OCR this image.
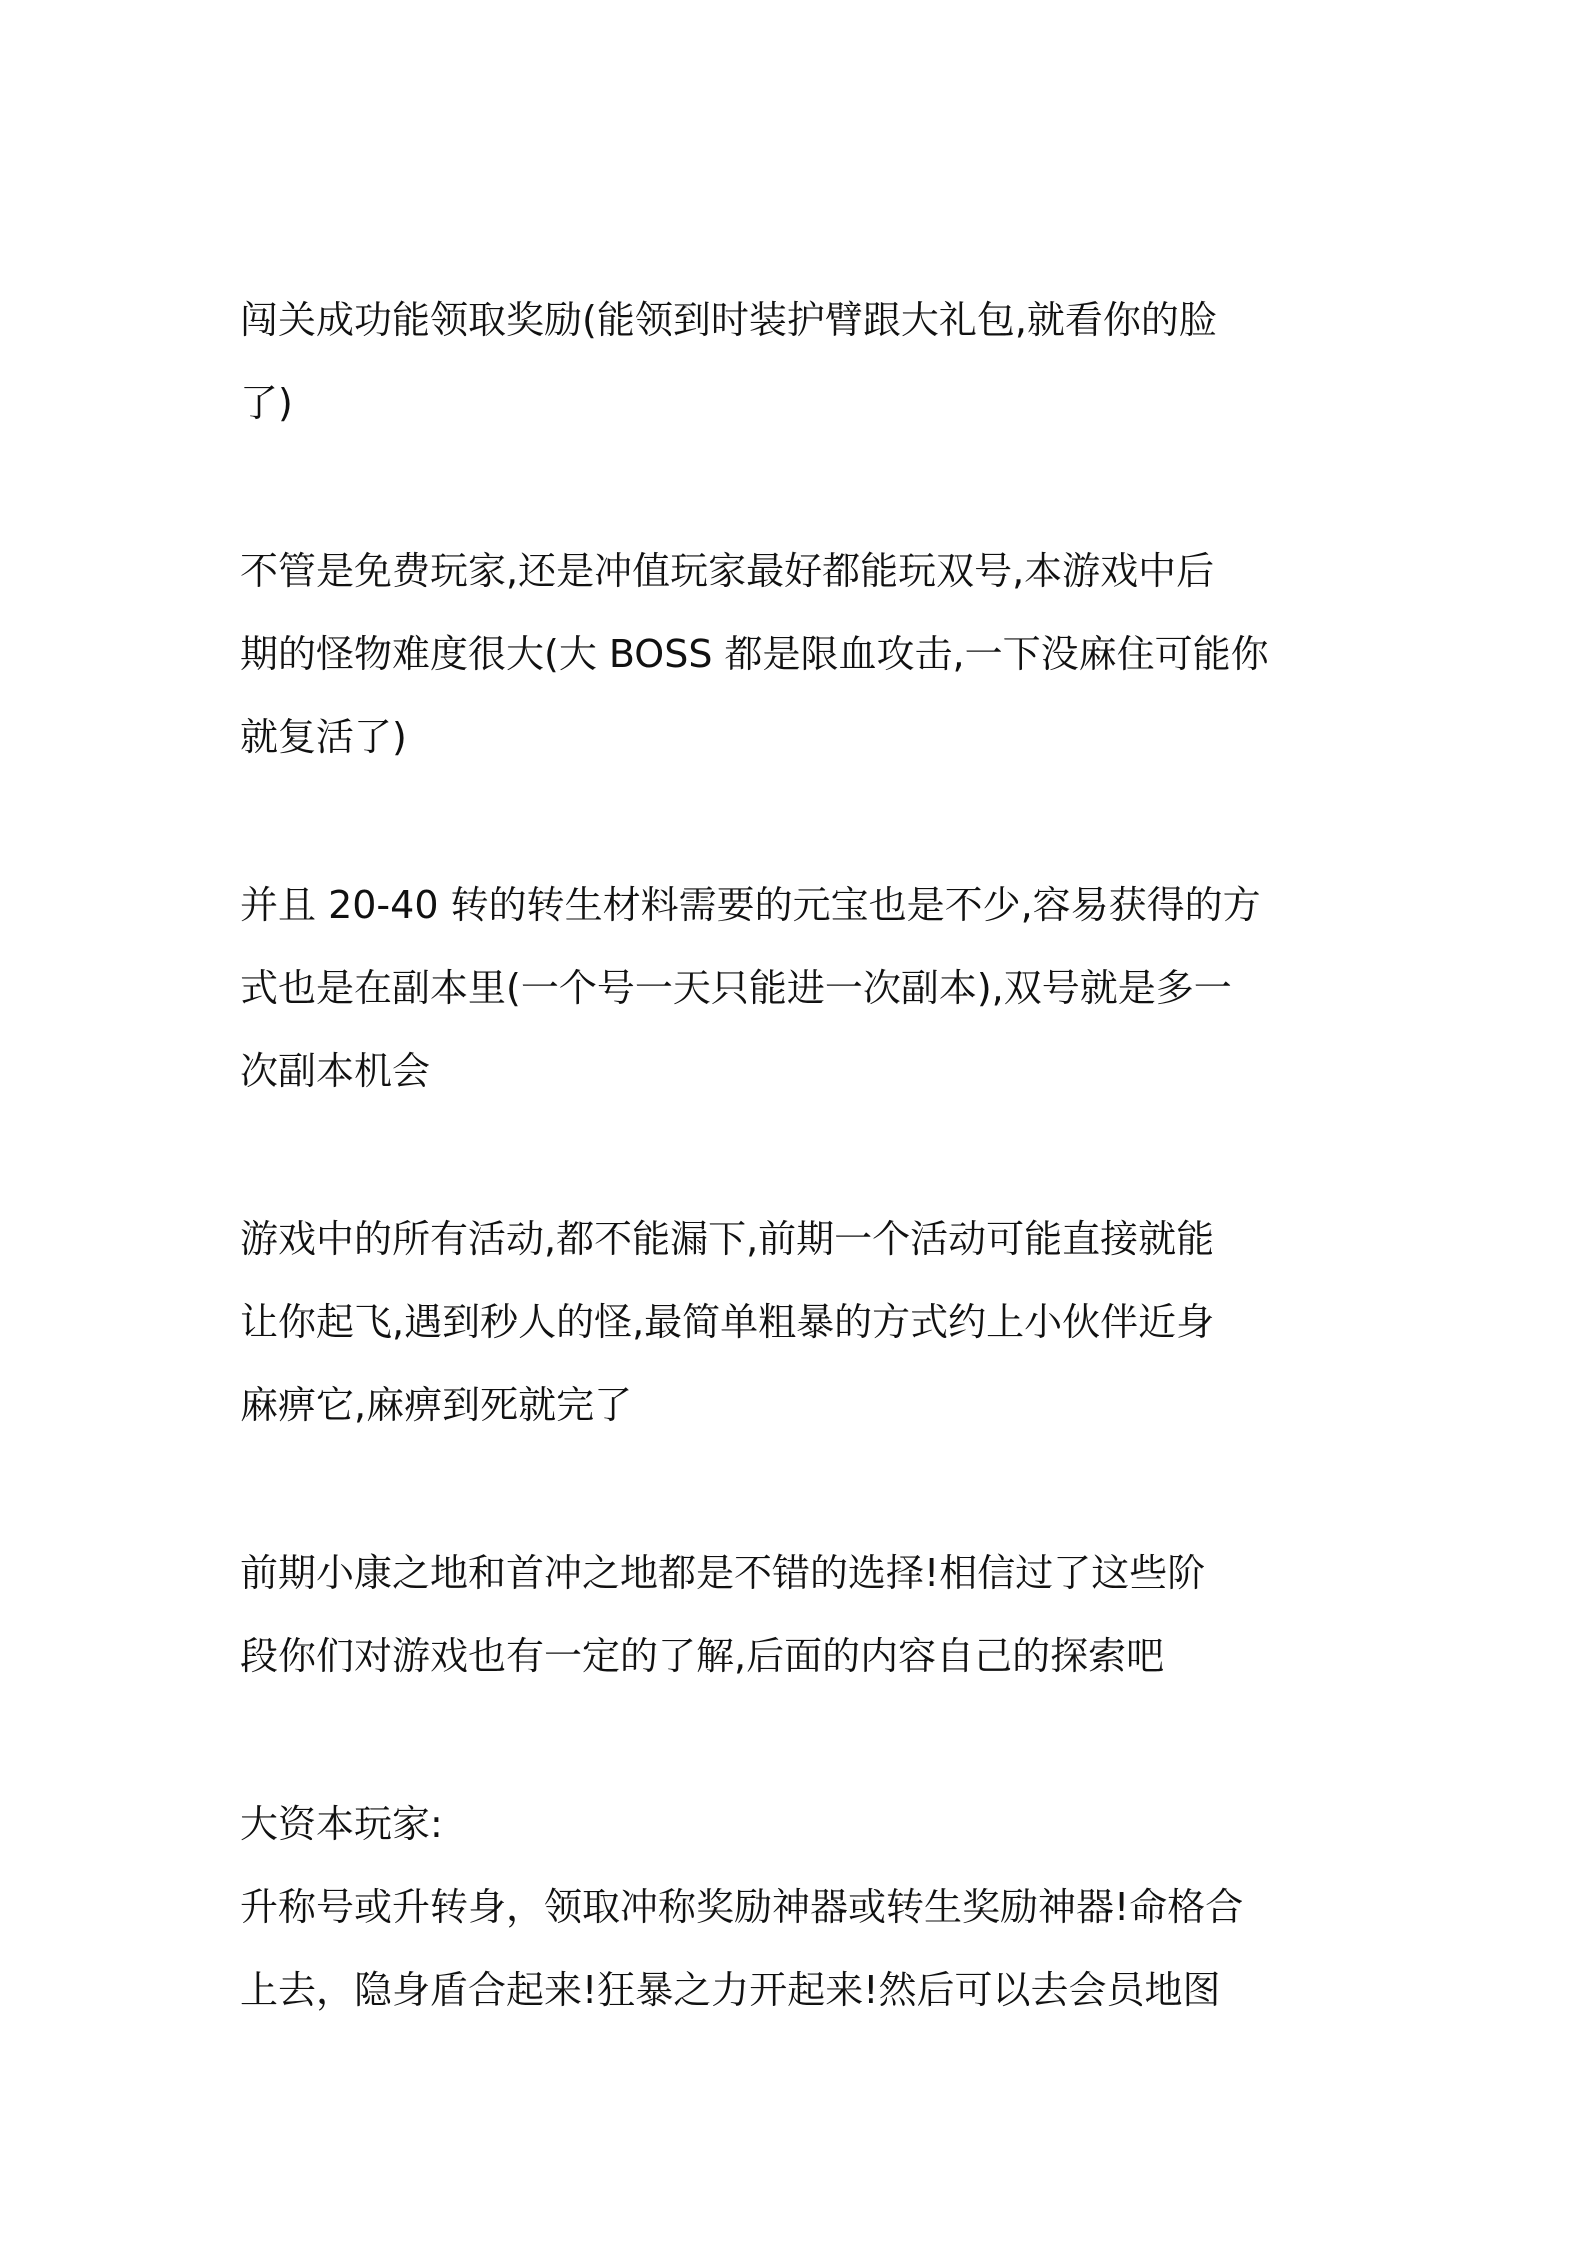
闯关成功能领取奖励(能领到时装护臂跟大礼包,就看你的脸
了)
不管是免费玩家,还是冲值玩家最好都能玩双号,本游戏中后
期的怪物难度很大(大 BOSS 都是限血攻击,一下没麻住可能你
就复活了)
并且 20-40 转的转生材料需要的元宝也是不少,容易获得的方
式也是在副本里(一个号一天只能进一次副本),双号就是多一
次副本机会
游戏中的所有活动,都不能漏下,前期一个活动可能直接就能
让你起飞,遇到秒人的怪,最简单粗暴的方式约上小伙伴近身
麻痹它,麻痹到死就完了
前期小康之地和首冲之地都是不错的选择!相信过了这些阶
段你们对游戏也有一定的了解,后面的内容自己的探索吧
大资本玩家:
升称号或升转身，领取冲称奖励神器或转生奖励神器!命格合
上去，隐身盾合起来!狂暴之力开起来!然后可以去会员地图
